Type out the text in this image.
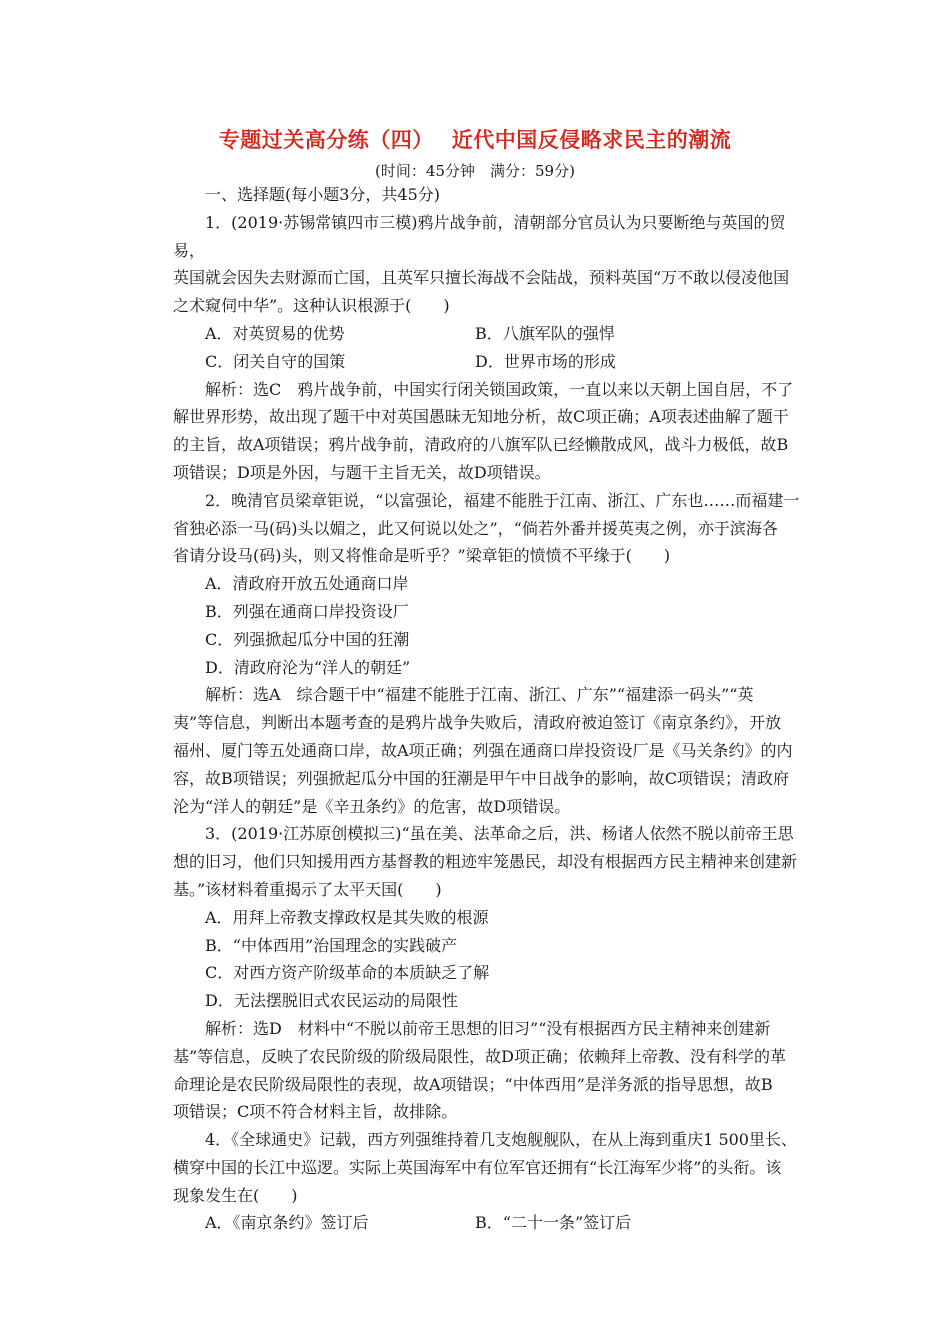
专题过关高分练（四） 近代中国反侵略求民主的潮流
(时间：45分钟　满分：59分)

一、选择题(每小题3分，共45分)

1．(2019·苏锡常镇四市三模)鸦片战争前，清朝部分官员认为只要断绝与英国的贸易，

英国就会因失去财源而亡国，且英军只擅长海战不会陆战，预料英国“万不敢以侵凌他国

之术窥伺中华”。这种认识根源于(　　)

A．对英贸易的优势	B．八旗军队的强悍
C．闭关自守的国策	D．世界市场的形成

解析：选C　鸦片战争前，中国实行闭关锁国政策，一直以来以天朝上国自居，不了

解世界形势，故出现了题干中对英国愚昧无知地分析，故C项正确；A项表述曲解了题干

的主旨，故A项错误；鸦片战争前，清政府的八旗军队已经懒散成风，战斗力极低，故B

项错误；D项是外因，与题干主旨无关，故D项错误。

2．晚清官员梁章钜说，“以富强论，福建不能胜于江南、浙江、广东也……而福建一

省独必添一马(码)头以媚之，此又何说以处之”，“倘若外番并援英夷之例，亦于滨海各

省请分设马(码)头，则又将惟命是听乎？”梁章钜的愤愤不平缘于(　　)

A．清政府开放五处通商口岸

B．列强在通商口岸投资设厂

C．列强掀起瓜分中国的狂潮

D．清政府沦为“洋人的朝廷”

解析：选A　综合题干中“福建不能胜于江南、浙江、广东”“福建添一码头”“英

夷”等信息，判断出本题考查的是鸦片战争失败后，清政府被迫签订《南京条约》，开放

福州、厦门等五处通商口岸，故A项正确；列强在通商口岸投资设厂是《马关条约》的内

容，故B项错误；列强掀起瓜分中国的狂潮是甲午中日战争的影响，故C项错误；清政府

沦为“洋人的朝廷”是《辛丑条约》的危害，故D项错误。

3．(2019·江苏原创模拟三)“虽在美、法革命之后，洪、杨诸人依然不脱以前帝王思

想的旧习，他们只知援用西方基督教的粗迹牢笼愚民，却没有根据西方民主精神来创建新

基。”该材料着重揭示了太平天国(　　)

A．用拜上帝教支撑政权是其失败的根源

B．“中体西用”治国理念的实践破产

C．对西方资产阶级革命的本质缺乏了解

D．无法摆脱旧式农民运动的局限性

解析：选D　材料中“不脱以前帝王思想的旧习”“没有根据西方民主精神来创建新

基”等信息，反映了农民阶级的阶级局限性，故D项正确；依赖拜上帝教、没有科学的革

命理论是农民阶级局限性的表现，故A项错误；“中体西用”是洋务派的指导思想，故B

项错误；C项不符合材料主旨，故排除。

4．《全球通史》记载，西方列强维持着几支炮舰舰队，在从上海到重庆1 500里长、

横穿中国的长江中巡逻。实际上英国海军中有位军官还拥有“长江海军少将”的头衔。该

现象发生在(　　)

A．《南京条约》签订后	B．“二十一条”签订后
